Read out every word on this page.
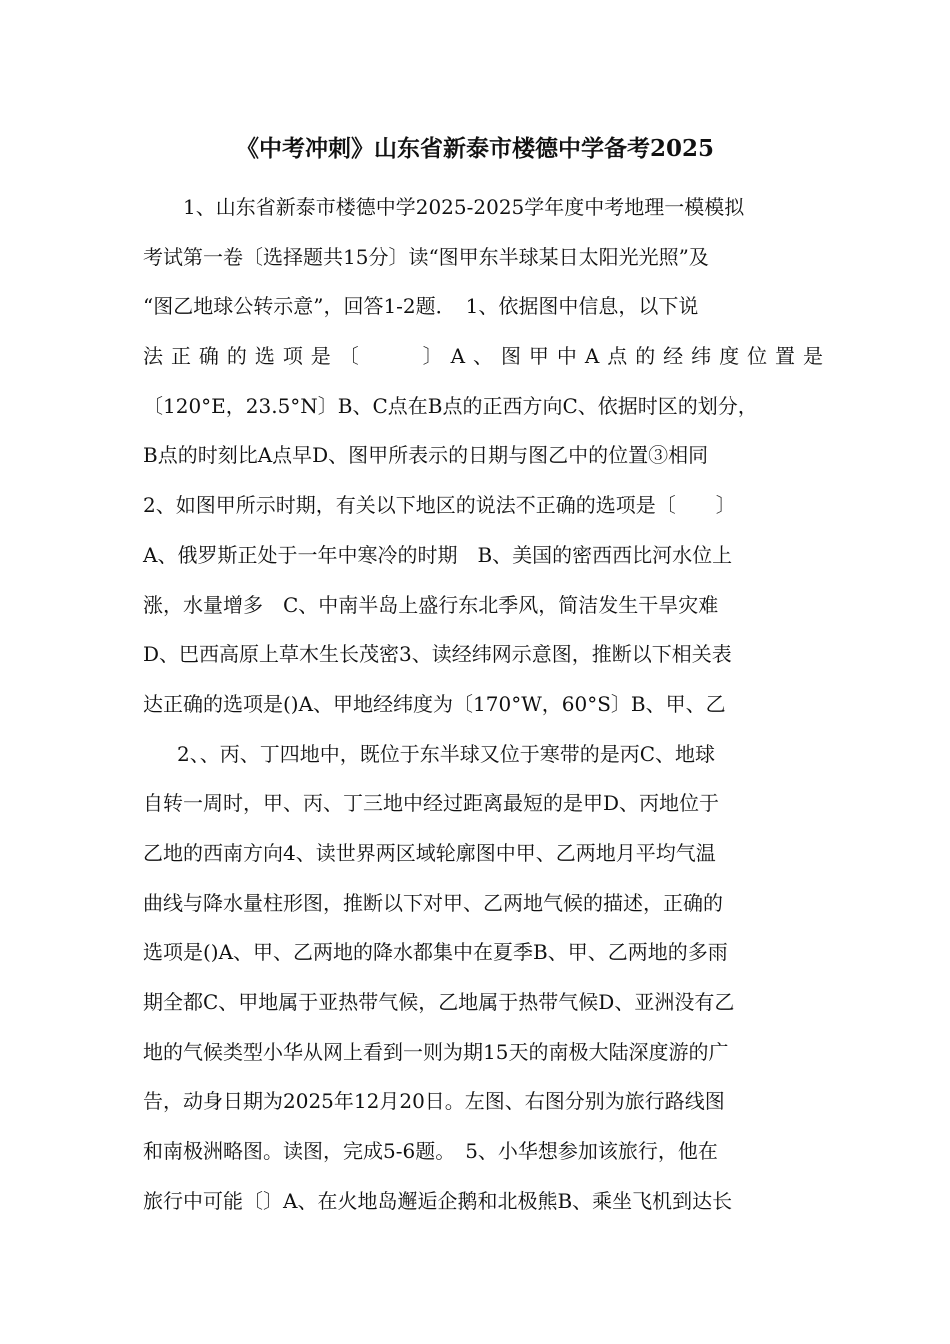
《中考冲刺》山东省新泰市楼德中学备考2025
1、山东省新泰市楼德中学2025-2025学年度中考地理一模模拟
考试第一卷〔选择题共15分〕读“图甲东半球某日太阳光光照”及
“图乙地球公转示意”，回答1-2题．　1、依据图中信息，以下说
法正确的选项是〔　　〕A、图甲中A点的经纬度位置是
〔120°E，23.5°N〕B、C点在B点的正西方向C、依据时区的划分，
B点的时刻比A点早D、图甲所表示的日期与图乙中的位置③相同
2、如图甲所示时期，有关以下地区的说法不正确的选项是〔　　〕
A、俄罗斯正处于一年中寒冷的时期　B、美国的密西西比河水位上
涨，水量增多　C、中南半岛上盛行东北季风，简洁发生干旱灾难
D、巴西高原上草木生长茂密3、读经纬网示意图，推断以下相关表
达正确的选项是()A、甲地经纬度为〔170°W，60°S〕B、甲、乙
2、、丙、丁四地中，既位于东半球又位于寒带的是丙C、地球
自转一周时，甲、丙、丁三地中经过距离最短的是甲D、丙地位于
乙地的西南方向4、读世界两区域轮廓图中甲、乙两地月平均气温
曲线与降水量柱形图，推断以下对甲、乙两地气候的描述，正确的
选项是()A、甲、乙两地的降水都集中在夏季B、甲、乙两地的多雨
期全都C、甲地属于亚热带气候，乙地属于热带气候D、亚洲没有乙
地的气候类型小华从网上看到一则为期15天的南极大陆深度游的广
告，动身日期为2025年12月20日。左图、右图分别为旅行路线图
和南极洲略图。读图，完成5-6题。　5、小华想参加该旅行，他在
旅行中可能〔〕A、在火地岛邂逅企鹅和北极熊B、乘坐飞机到达长
